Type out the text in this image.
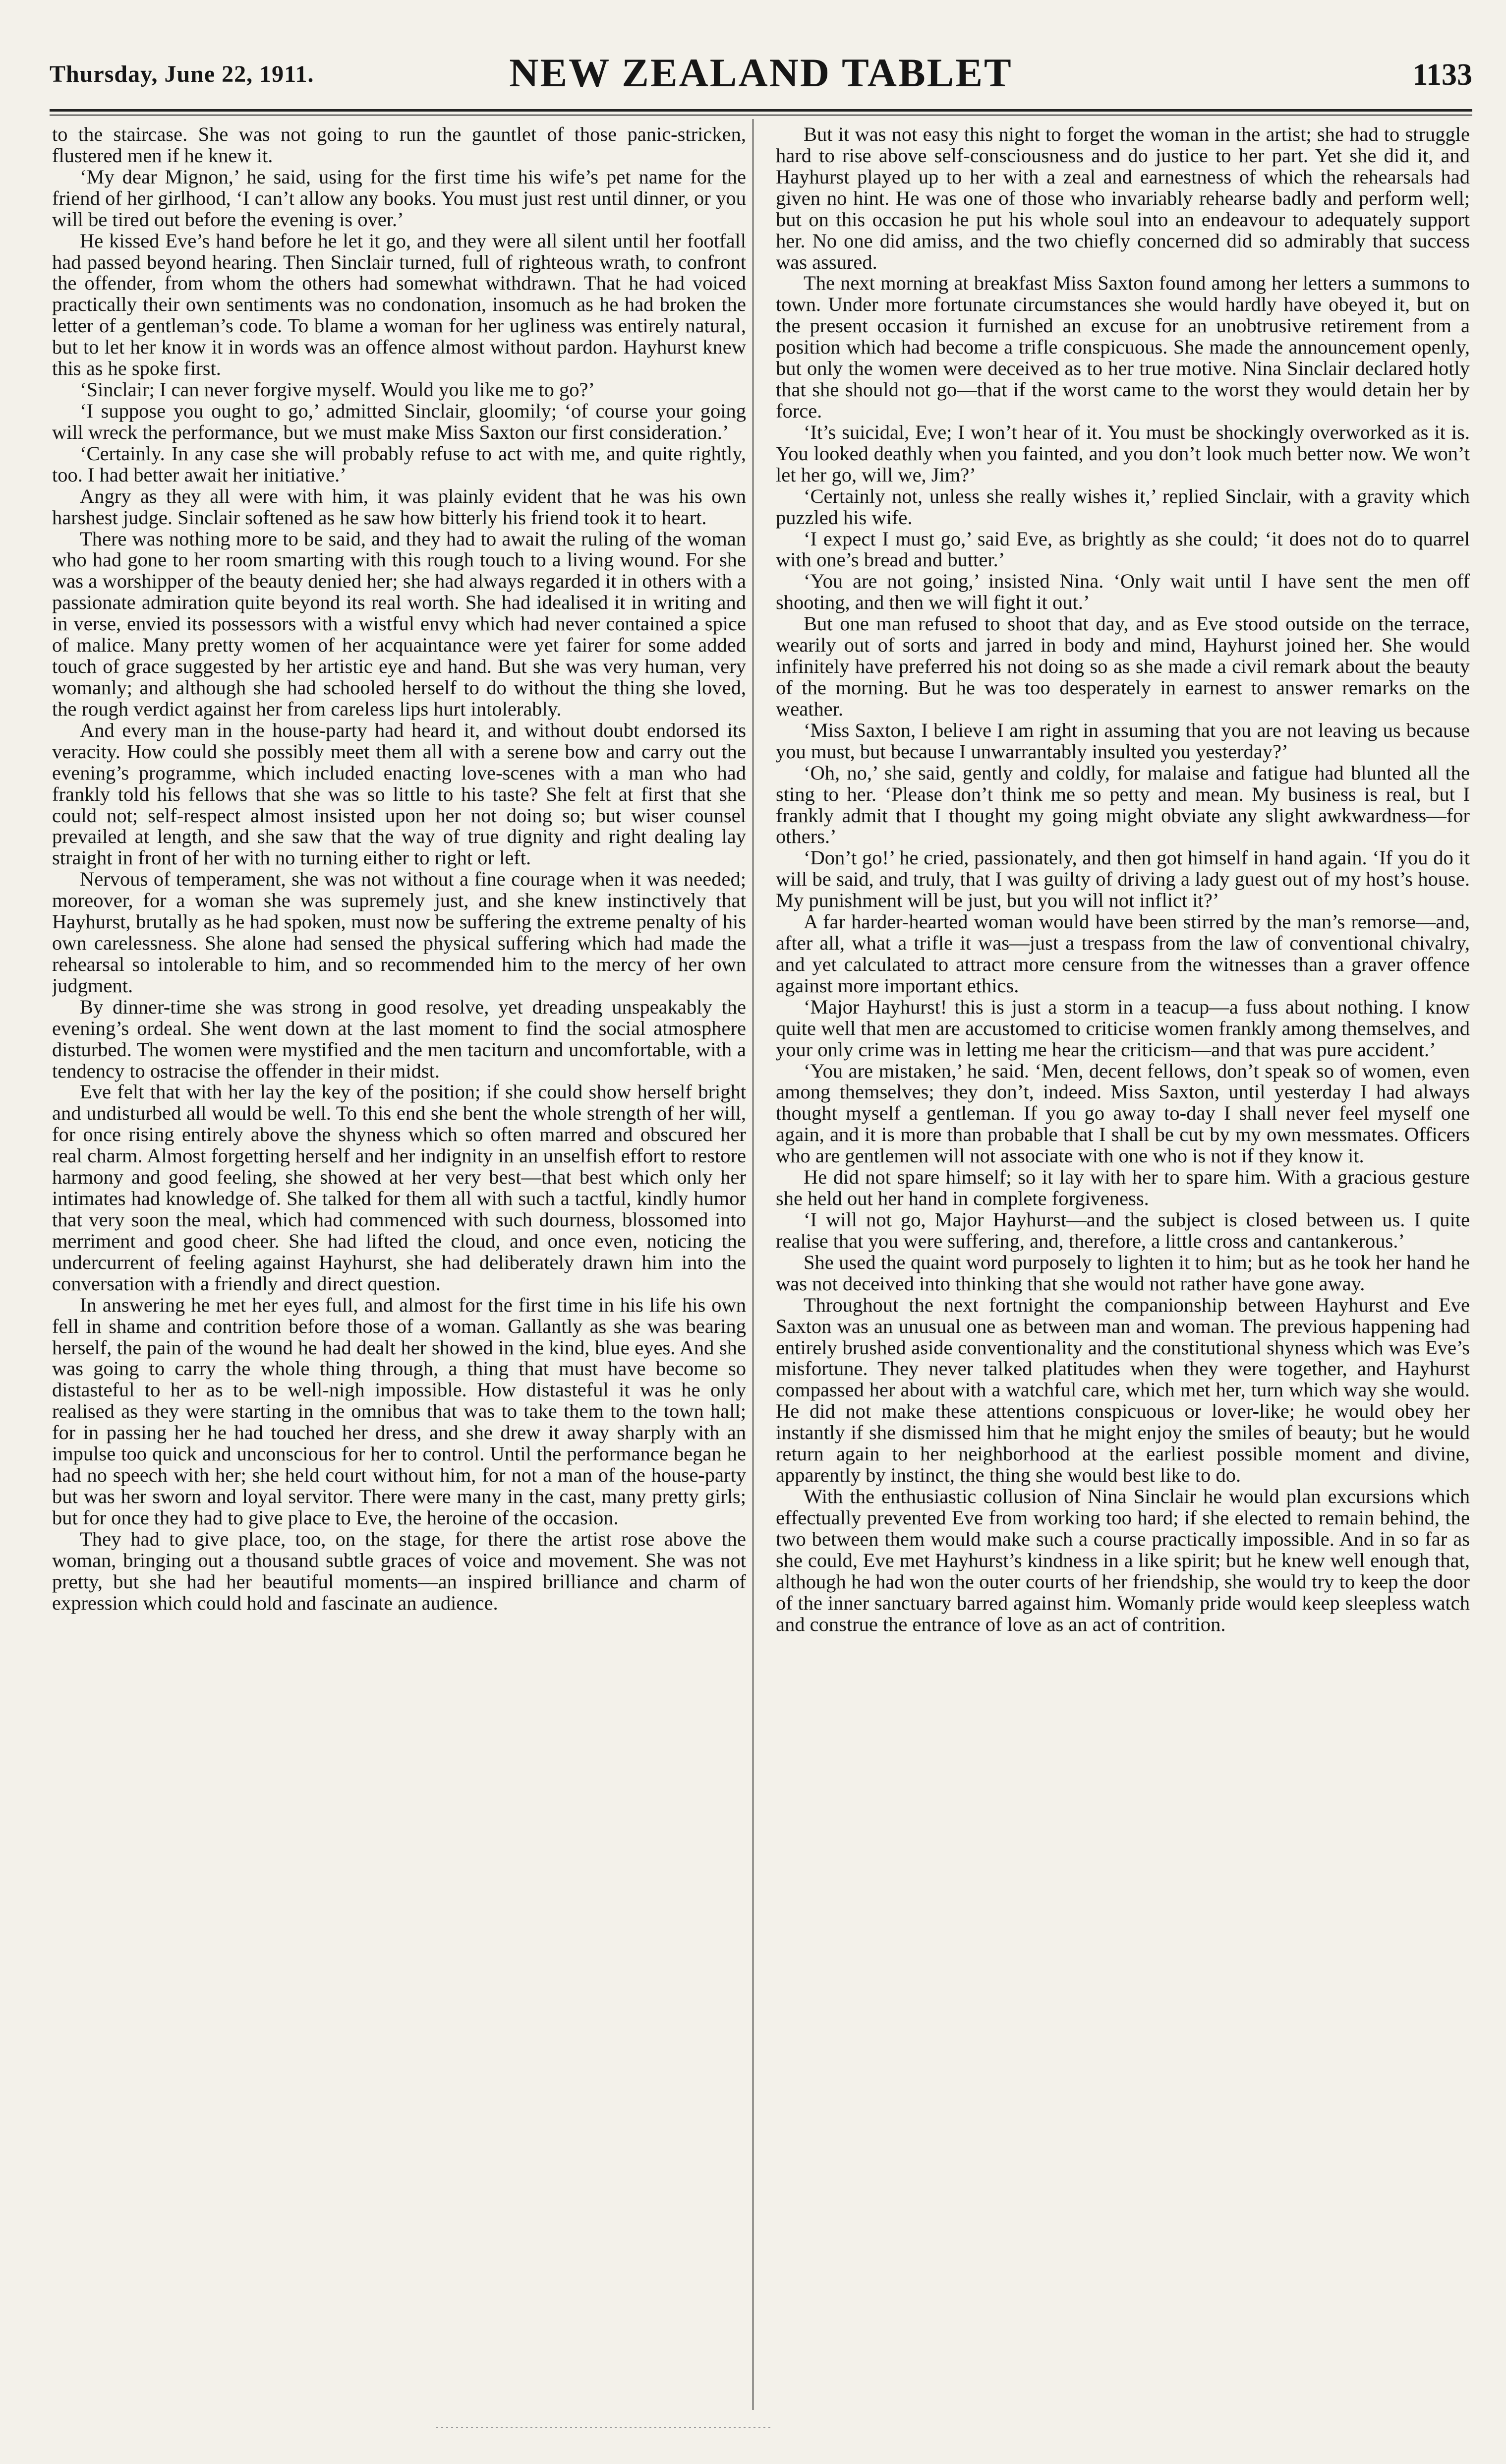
Thursday, June 22, 1911.	NEW ZEALAND TABLET	1133

to the staircase. She was not going to run the gauntlet of those panic-stricken, flustered men if he knew it.

‘My dear Mignon,’ he said, using for the first time his wife’s pet name for the friend of her girlhood, ‘I can’t allow any books. You must just rest until dinner, or you will be tired out before the evening is over.’

He kissed Eve’s hand before he let it go, and they were all silent until her footfall had passed beyond hearing. Then Sinclair turned, full of righteous wrath, to confront the offender, from whom the others had somewhat withdrawn. That he had voiced practically their own sentiments was no condonation, insomuch as he had broken the letter of a gentleman’s code. To blame a woman for her ugliness was entirely natural, but to let her know it in words was an offence almost without pardon. Hayhurst knew this as he spoke first.

‘Sinclair; I can never forgive myself. Would you like me to go?’

‘I suppose you ought to go,’ admitted Sinclair, gloomily; ‘of course your going will wreck the performance, but we must make Miss Saxton our first consideration.’

‘Certainly. In any case she will probably refuse to act with me, and quite rightly, too. I had better await her initiative.’

Angry as they all were with him, it was plainly evident that he was his own harshest judge. Sinclair softened as he saw how bitterly his friend took it to heart.

There was nothing more to be said, and they had to await the ruling of the woman who had gone to her room smarting with this rough touch to a living wound. For she was a worshipper of the beauty denied her; she had always regarded it in others with a passionate admiration quite beyond its real worth. She had idealised it in writing and in verse, envied its possessors with a wistful envy which had never contained a spice of malice. Many pretty women of her acquaintance were yet fairer for some added touch of grace suggested by her artistic eye and hand. But she was very human, very womanly; and although she had schooled herself to do without the thing she loved, the rough verdict against her from careless lips hurt intolerably.

And every man in the house-party had heard it, and without doubt endorsed its veracity. How could she possibly meet them all with a serene bow and carry out the evening’s programme, which included enacting love-scenes with a man who had frankly told his fellows that she was so little to his taste? She felt at first that she could not; self-respect almost insisted upon her not doing so; but wiser counsel prevailed at length, and she saw that the way of true dignity and right dealing lay straight in front of her with no turning either to right or left.

Nervous of temperament, she was not without a fine courage when it was needed; moreover, for a woman she was supremely just, and she knew instinctively that Hayhurst, brutally as he had spoken, must now be suffering the extreme penalty of his own carelessness. She alone had sensed the physical suffering which had made the rehearsal so intolerable to him, and so recommended him to the mercy of her own judgment.

By dinner-time she was strong in good resolve, yet dreading unspeakably the evening’s ordeal. She went down at the last moment to find the social atmosphere disturbed. The women were mystified and the men taciturn and uncomfortable, with a tendency to ostracise the offender in their midst.

Eve felt that with her lay the key of the position; if she could show herself bright and undisturbed all would be well. To this end she bent the whole strength of her will, for once rising entirely above the shyness which so often marred and obscured her real charm. Almost forgetting herself and her indignity in an unselfish effort to restore harmony and good feeling, she showed at her very best—that best which only her intimates had knowledge of. She talked for them all with such a tactful, kindly humor that very soon the meal, which had commenced with such dourness, blossomed into merriment and good cheer. She had lifted the cloud, and once even, noticing the undercurrent of feeling against Hayhurst, she had deliberately drawn him into the conversation with a friendly and direct question.

In answering he met her eyes full, and almost for the first time in his life his own fell in shame and contrition before those of a woman. Gallantly as she was bearing herself, the pain of the wound he had dealt her showed in the kind, blue eyes. And she was going to carry the whole thing through, a thing that must have become so distasteful to her as to be well-nigh impossible. How distasteful it was he only realised as they were starting in the omnibus that was to take them to the town hall; for in passing her he had touched her dress, and she drew it away sharply with an impulse too quick and unconscious for her to control. Until the performance began he had no speech with her; she held court without him, for not a man of the house-party but was her sworn and loyal servitor. There were many in the cast, many pretty girls; but for once they had to give place to Eve, the heroine of the occasion.

They had to give place, too, on the stage, for there the artist rose above the woman, bringing out a thousand subtle graces of voice and movement. She was not pretty, but she had her beautiful moments—an inspired brilliance and charm of expression which could hold and fascinate an audience.

But it was not easy this night to forget the woman in the artist; she had to struggle hard to rise above self-consciousness and do justice to her part. Yet she did it, and Hayhurst played up to her with a zeal and earnestness of which the rehearsals had given no hint. He was one of those who invariably rehearse badly and perform well; but on this occasion he put his whole soul into an endeavour to adequately support her. No one did amiss, and the two chiefly concerned did so admirably that success was assured.

The next morning at breakfast Miss Saxton found among her letters a summons to town. Under more fortunate circumstances she would hardly have obeyed it, but on the present occasion it furnished an excuse for an unobtrusive retirement from a position which had become a trifle conspicuous. She made the announcement openly, but only the women were deceived as to her true motive. Nina Sinclair declared hotly that she should not go—that if the worst came to the worst they would detain her by force.

‘It’s suicidal, Eve; I won’t hear of it. You must be shockingly overworked as it is. You looked deathly when you fainted, and you don’t look much better now. We won’t let her go, will we, Jim?’

‘Certainly not, unless she really wishes it,’ replied Sinclair, with a gravity which puzzled his wife.

‘I expect I must go,’ said Eve, as brightly as she could; ‘it does not do to quarrel with one’s bread and butter.’

‘You are not going,’ insisted Nina. ‘Only wait until I have sent the men off shooting, and then we will fight it out.’

But one man refused to shoot that day, and as Eve stood outside on the terrace, wearily out of sorts and jarred in body and mind, Hayhurst joined her. She would infinitely have preferred his not doing so as she made a civil remark about the beauty of the morning. But he was too desperately in earnest to answer remarks on the weather.

‘Miss Saxton, I believe I am right in assuming that you are not leaving us because you must, but because I unwarrantably insulted you yesterday?’

‘Oh, no,’ she said, gently and coldly, for malaise and fatigue had blunted all the sting to her. ‘Please don’t think me so petty and mean. My business is real, but I frankly admit that I thought my going might obviate any slight awkwardness—for others.’

‘Don’t go!’ he cried, passionately, and then got himself in hand again. ‘If you do it will be said, and truly, that I was guilty of driving a lady guest out of my host’s house. My punishment will be just, but you will not inflict it?’

A far harder-hearted woman would have been stirred by the man’s remorse—and, after all, what a trifle it was—just a trespass from the law of conventional chivalry, and yet calculated to attract more censure from the witnesses than a graver offence against more important ethics.

‘Major Hayhurst! this is just a storm in a teacup—a fuss about nothing. I know quite well that men are accustomed to criticise women frankly among themselves, and your only crime was in letting me hear the criticism—and that was pure accident.’

‘You are mistaken,’ he said. ‘Men, decent fellows, don’t speak so of women, even among themselves; they don’t, indeed. Miss Saxton, until yesterday I had always thought myself a gentleman. If you go away to-day I shall never feel myself one again, and it is more than probable that I shall be cut by my own messmates. Officers who are gentlemen will not associate with one who is not if they know it.

He did not spare himself; so it lay with her to spare him. With a gracious gesture she held out her hand in complete forgiveness.

‘I will not go, Major Hayhurst—and the subject is closed between us. I quite realise that you were suffering, and, therefore, a little cross and cantankerous.’

She used the quaint word purposely to lighten it to him; but as he took her hand he was not deceived into thinking that she would not rather have gone away.

Throughout the next fortnight the companionship between Hayhurst and Eve Saxton was an unusual one as between man and woman. The previous happening had entirely brushed aside conventionality and the constitutional shyness which was Eve’s misfortune. They never talked platitudes when they were together, and Hayhurst compassed her about with a watchful care, which met her, turn which way she would. He did not make these attentions conspicuous or lover-like; he would obey her instantly if she dismissed him that he might enjoy the smiles of beauty; but he would return again to her neighborhood at the earliest possible moment and divine, apparently by instinct, the thing she would best like to do.

With the enthusiastic collusion of Nina Sinclair he would plan excursions which effectually prevented Eve from working too hard; if she elected to remain behind, the two between them would make such a course practically impossible. And in so far as she could, Eve met Hayhurst’s kindness in a like spirit; but he knew well enough that, although he had won the outer courts of her friendship, she would try to keep the door of the inner sanctuary barred against him. Womanly pride would keep sleepless watch and construe the entrance of love as an act of contrition.
